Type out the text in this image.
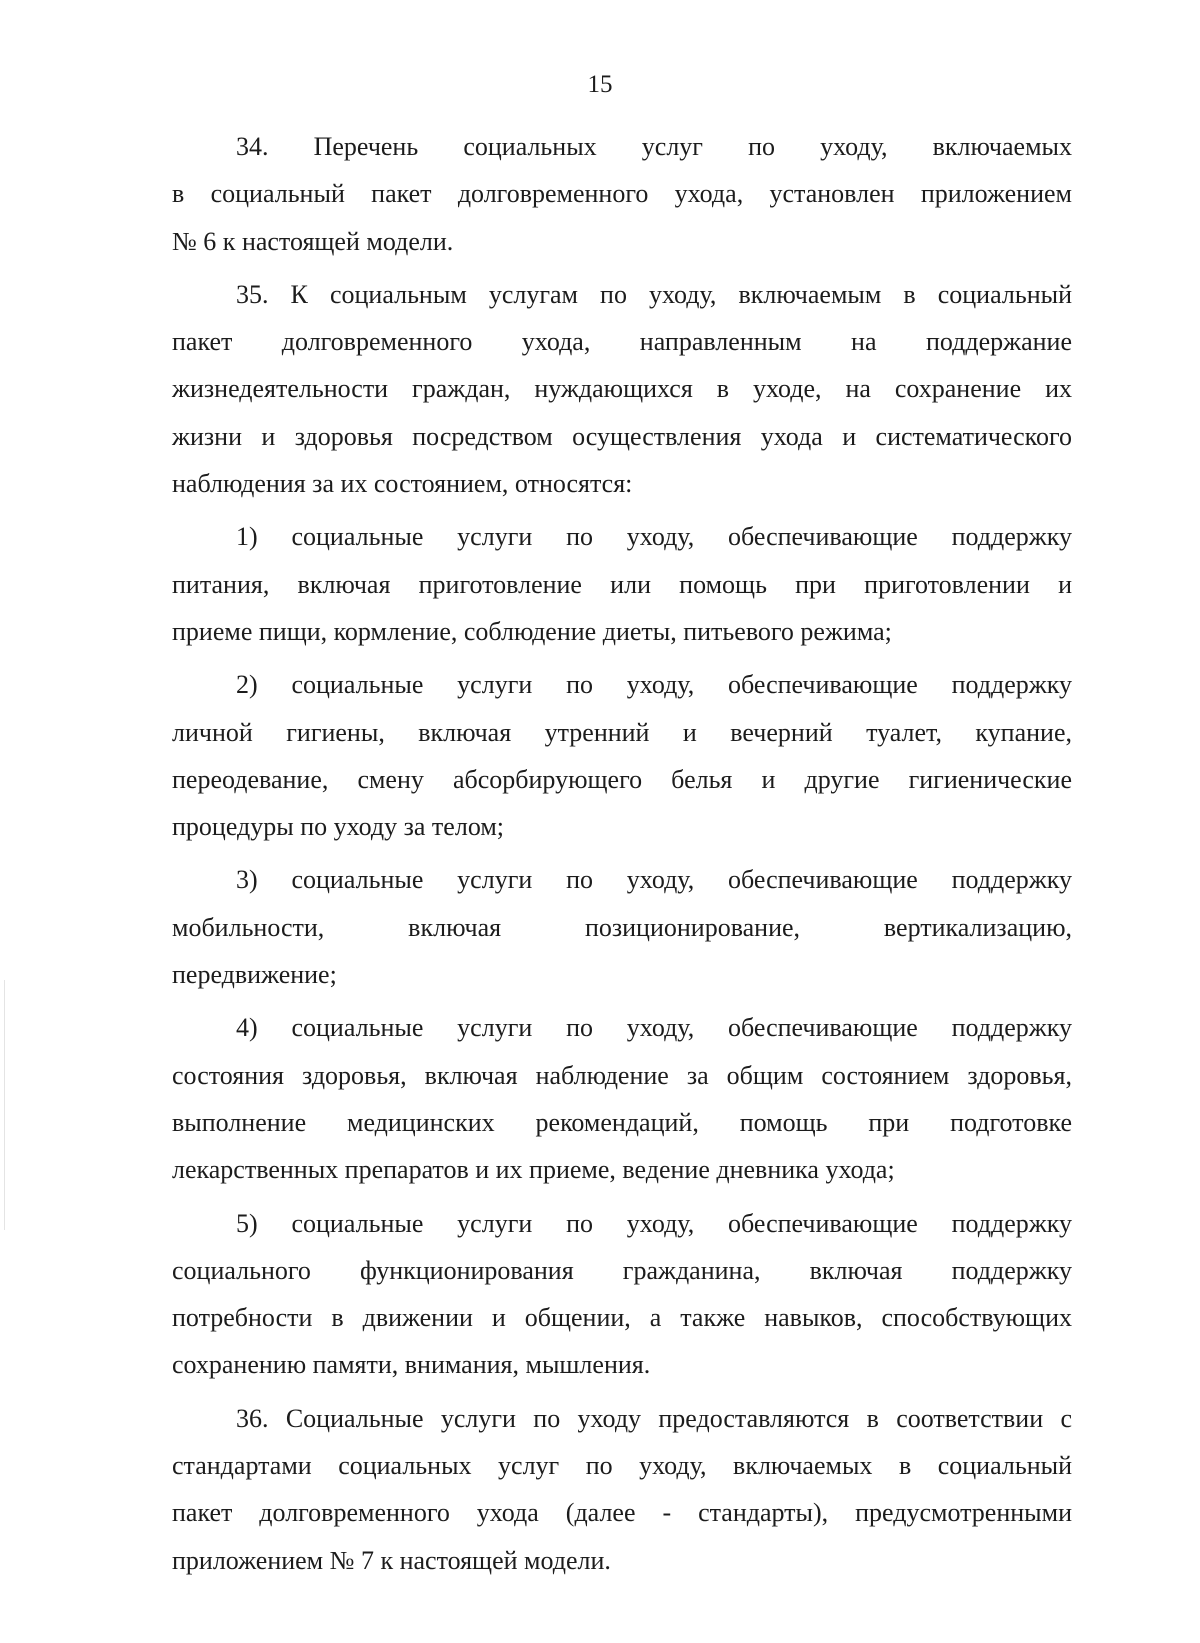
15

34. Перечень социальных услуг по уходу, включаемых
в социальный пакет долговременного ухода, установлен приложением
№ 6 к настоящей модели.

35. К социальным услугам по уходу, включаемым в социальный
пакет долговременного ухода, направленным на поддержание
жизнедеятельности граждан, нуждающихся в уходе, на сохранение их
жизни и здоровья посредством осуществления ухода и систематического
наблюдения за их состоянием, относятся:

1) социальные услуги по уходу, обеспечивающие поддержку
питания, включая приготовление или помощь при приготовлении и
приеме пищи, кормление, соблюдение диеты, питьевого режима;

2) социальные услуги по уходу, обеспечивающие поддержку
личной гигиены, включая утренний и вечерний туалет, купание,
переодевание, смену абсорбирующего белья и другие гигиенические
процедуры по уходу за телом;

3) социальные услуги по уходу, обеспечивающие поддержку
мобильности, включая позиционирование, вертикализацию,
передвижение;

4) социальные услуги по уходу, обеспечивающие поддержку
состояния здоровья, включая наблюдение за общим состоянием здоровья,
выполнение медицинских рекомендаций, помощь при подготовке
лекарственных препаратов и их приеме, ведение дневника ухода;

5) социальные услуги по уходу, обеспечивающие поддержку
социального функционирования гражданина, включая поддержку
потребности в движении и общении, а также навыков, способствующих
сохранению памяти, внимания, мышления.

36. Социальные услуги по уходу предоставляются в соответствии с
стандартами социальных услуг по уходу, включаемых в социальный
пакет долговременного ухода (далее - стандарты), предусмотренными
приложением № 7 к настоящей модели.
